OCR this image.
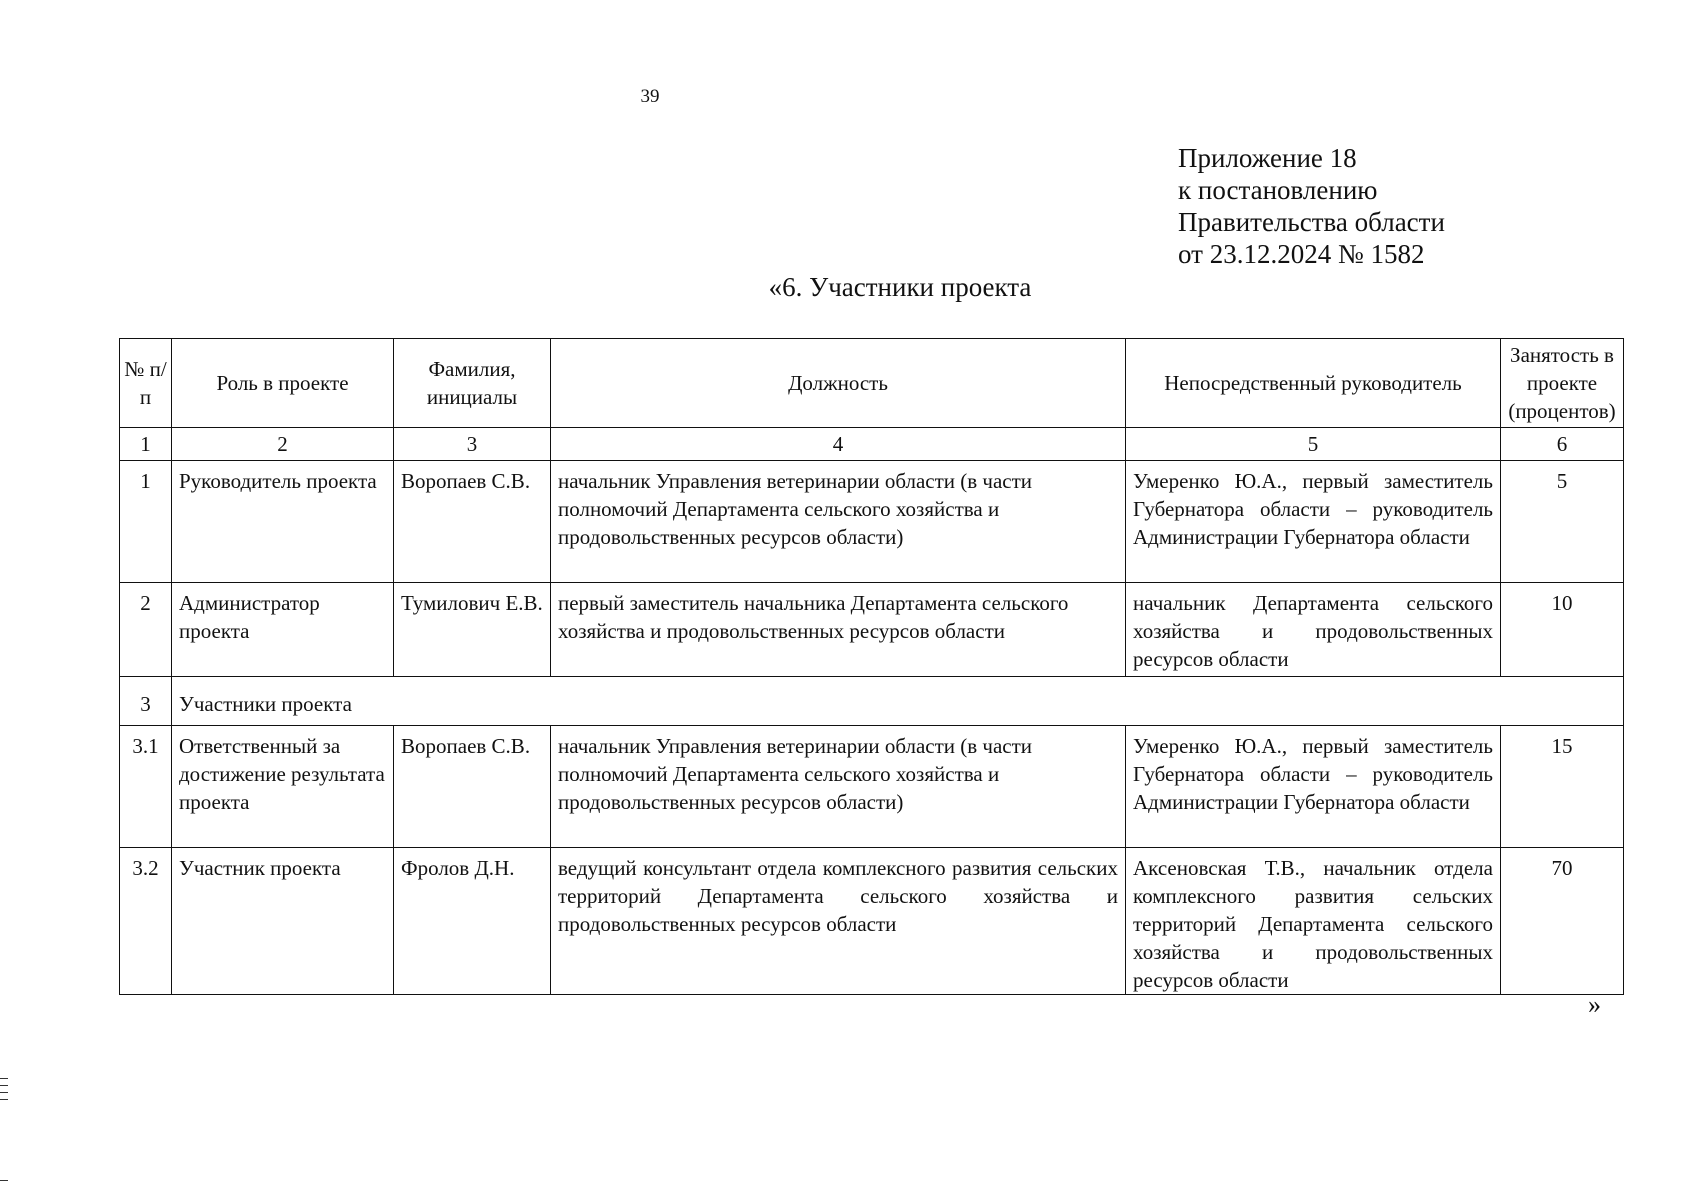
39
Приложение 18
к постановлению
Правительства области
от 23.12.2024 № 1582
«6. Участники проекта
№ п/п	Роль в проекте	Фамилия, инициалы	Должность	Непосредственный руководитель	Занятость в проекте (процентов)
1	2	3	4	5	6
1	Руководитель проекта	Воропаев С.В.	начальник Управления ветеринарии области (в части полномочий Департамента сельского хозяйства и продовольственных ресурсов области)	Умеренко Ю.А., первый заместитель Губернатора области – руководитель Администрации Губернатора области	5
2	Администратор проекта	Тумилович Е.В.	первый заместитель начальника Департамента сельского хозяйства и продовольственных ресурсов области	начальник Департамента сельского хозяйства и продовольственных ресурсов области	10
3	Участники проекта				
3.1	Ответственный за достижение результата проекта	Воропаев С.В.	начальник Управления ветеринарии области (в части полномочий Департамента сельского хозяйства и продовольственных ресурсов области)	Умеренко Ю.А., первый заместитель Губернатора области – руководитель Администрации Губернатора области	15
3.2	Участник проекта	Фролов Д.Н.	ведущий консультант отдела комплексного развития сельских территорий Департамента сельского хозяйства и продовольственных ресурсов области	Аксеновская Т.В., начальник отдела комплексного развития сельских территорий Департамента сельского хозяйства и продовольственных ресурсов области	70
»
